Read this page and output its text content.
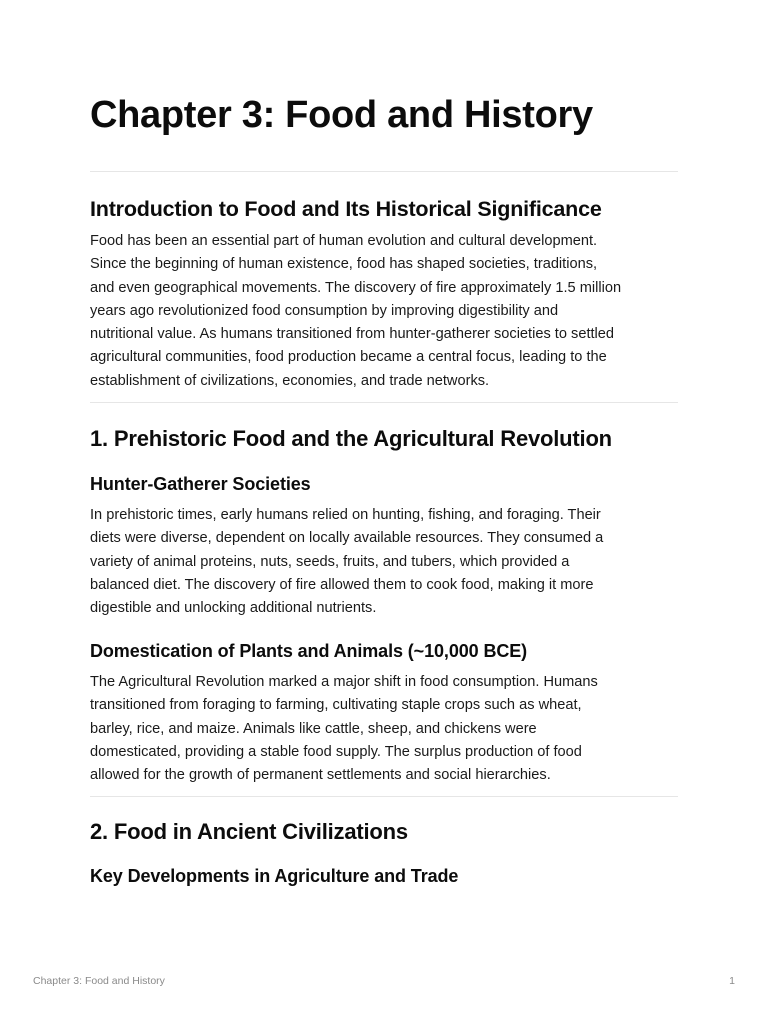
Chapter 3: Food and History
Introduction to Food and Its Historical Significance

Food has been an essential part of human evolution and cultural development.
Since the beginning of human existence, food has shaped societies, traditions,
and even geographical movements. The discovery of fire approximately 1.5 million
years ago revolutionized food consumption by improving digestibility and
nutritional value. As humans transitioned from hunter-gatherer societies to settled
agricultural communities, food production became a central focus, leading to the
establishment of civilizations, economies, and trade networks.

1. Prehistoric Food and the Agricultural Revolution
Hunter-Gatherer Societies

In prehistoric times, early humans relied on hunting, fishing, and foraging. Their
diets were diverse, dependent on locally available resources. They consumed a
variety of animal proteins, nuts, seeds, fruits, and tubers, which provided a
balanced diet. The discovery of fire allowed them to cook food, making it more
digestible and unlocking additional nutrients.

Domestication of Plants and Animals (~10,000 BCE)

The Agricultural Revolution marked a major shift in food consumption. Humans
transitioned from foraging to farming, cultivating staple crops such as wheat,
barley, rice, and maize. Animals like cattle, sheep, and chickens were
domesticated, providing a stable food supply. The surplus production of food
allowed for the growth of permanent settlements and social hierarchies.

2. Food in Ancient Civilizations
Key Developments in Agriculture and Trade
Chapter 3: Food and History	1
